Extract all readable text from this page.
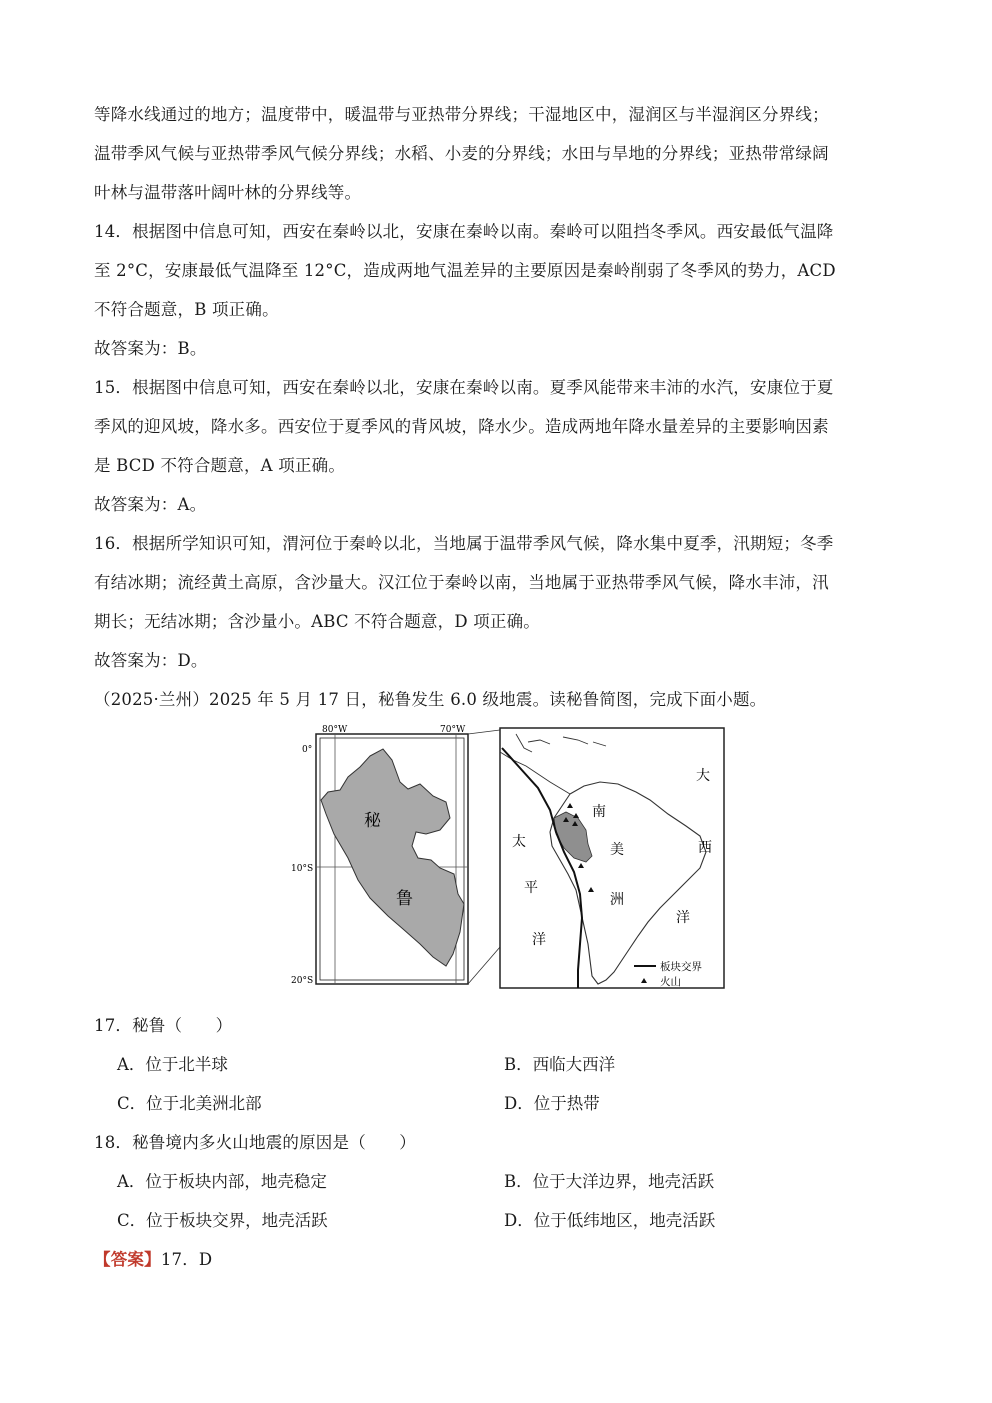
等降水线通过的地方；温度带中，暖温带与亚热带分界线；干湿地区中，湿润区与半湿润区分界线；
温带季风气候与亚热带季风气候分界线；水稻、小麦的分界线；水田与旱地的分界线；亚热带常绿阔
叶林与温带落叶阔叶林的分界线等。
14．根据图中信息可知，西安在秦岭以北，安康在秦岭以南。秦岭可以阻挡冬季风。西安最低气温降
至 2°C，安康最低气温降至 12°C，造成两地气温差异的主要原因是秦岭削弱了冬季风的势力，ACD
不符合题意，B 项正确。
故答案为：B。
15．根据图中信息可知，西安在秦岭以北，安康在秦岭以南。夏季风能带来丰沛的水汽，安康位于夏
季风的迎风坡，降水多。西安位于夏季风的背风坡，降水少。造成两地年降水量差异的主要影响因素
是 BCD 不符合题意，A 项正确。
故答案为：A。
16．根据所学知识可知，渭河位于秦岭以北，当地属于温带季风气候，降水集中夏季，汛期短；冬季
有结冰期；流经黄土高原，含沙量大。汉江位于秦岭以南，当地属于亚热带季风气候，降水丰沛，汛
期长；无结冰期；含沙量小。ABC 不符合题意，D 项正确。
故答案为：D。
（2025·兰州）2025 年 5 月 17 日，秘鲁发生 6.0 级地震。读秘鲁简图，完成下面小题。
80°W	70°W
0°
10°S
20°S
秘
鲁
太
平
洋
大
西
洋
南
美
洲
板块交界
火山
17．秘鲁（　　）
A．位于北半球	B．西临大西洋
C．位于北美洲北部	D．位于热带
18．秘鲁境内多火山地震的原因是（　　）
A．位于板块内部，地壳稳定	B．位于大洋边界，地壳活跃
C．位于板块交界，地壳活跃	D．位于低纬地区，地壳活跃
【答案】17．D
